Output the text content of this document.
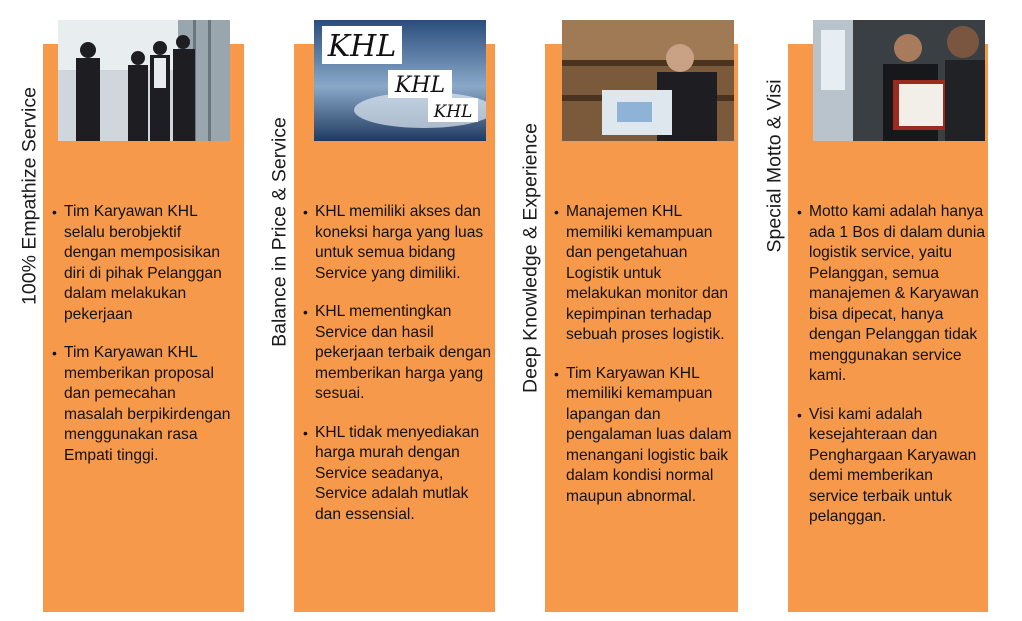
100% Empathize Service	• Tim Karyawan KHL selalu berobjektif dengan memposisikan diri di pihak Pelanggan dalam melakukan pekerjaan
• Tim Karyawan KHL memberikan proposal dan pemecahan masalah berpikirdengan menggunakan rasa Empati tinggi.
KHL
KHL
KHL
Balance in Price & Service	• KHL memiliki akses dan koneksi harga yang luas untuk semua bidang Service yang dimiliki.
• KHL mementingkan Service dan hasil pekerjaan terbaik dengan memberikan harga yang sesuai.
• KHL tidak menyediakan harga murah dengan Service seadanya, Service adalah mutlak dan essensial.
Deep Knowledge & Experience	• Manajemen KHL memiliki kemampuan dan pengetahuan Logistik untuk melakukan monitor dan kepimpinan terhadap sebuah proses logistik.
• Tim Karyawan KHL memiliki kemampuan lapangan dan pengalaman luas dalam menangani logistic baik dalam kondisi normal maupun abnormal.
Special Motto & Visi	• Motto kami adalah hanya ada 1 Bos di dalam dunia logistik service, yaitu Pelanggan, semua manajemen & Karyawan bisa dipecat, hanya dengan Pelanggan tidak menggunakan service kami.
• Visi kami adalah kesejahteraan dan Penghargaan Karyawan demi memberikan service terbaik untuk pelanggan.
